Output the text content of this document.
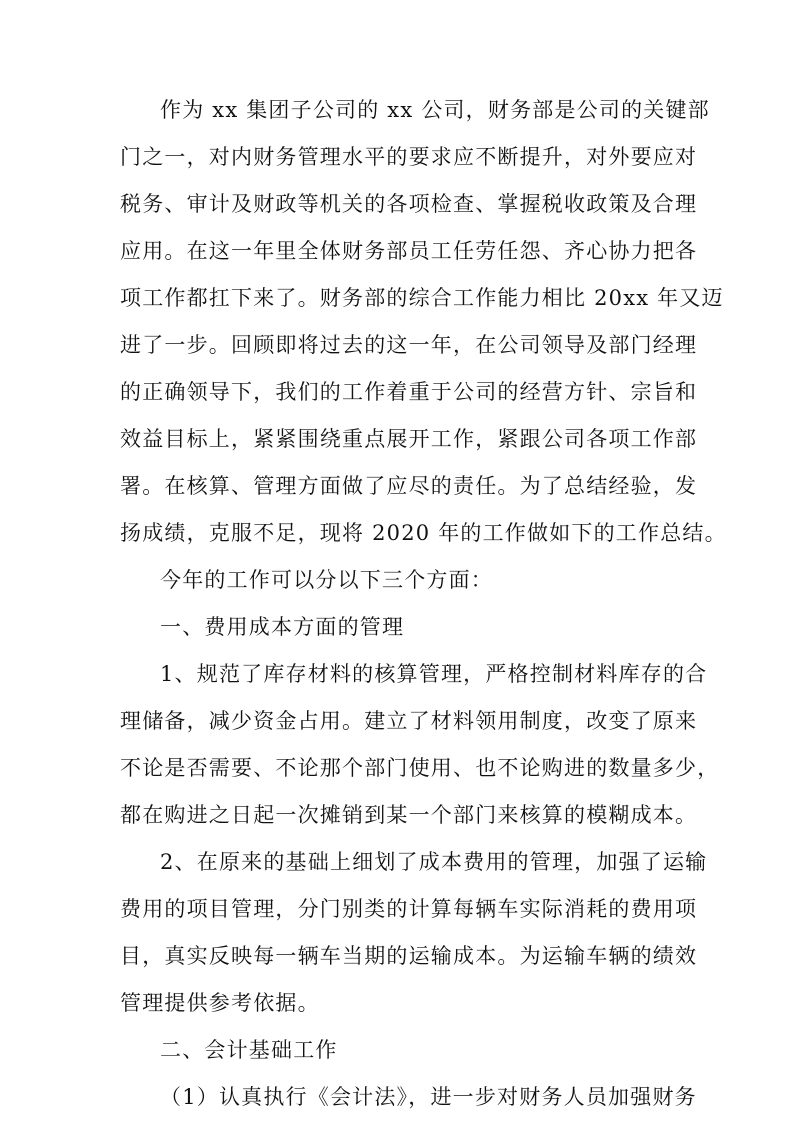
作为 xx 集团子公司的 xx 公司，财务部是公司的关键部
门之一，对内财务管理水平的要求应不断提升，对外要应对
税务、审计及财政等机关的各项检查、掌握税收政策及合理
应用。在这一年里全体财务部员工任劳任怨、齐心协力把各
项工作都扛下来了。财务部的综合工作能力相比 20xx 年又迈
进了一步。回顾即将过去的这一年，在公司领导及部门经理
的正确领导下，我们的工作着重于公司的经营方针、宗旨和
效益目标上，紧紧围绕重点展开工作，紧跟公司各项工作部
署。在核算、管理方面做了应尽的责任。为了总结经验，发
扬成绩，克服不足，现将 2020 年的工作做如下的工作总结。
今年的工作可以分以下三个方面：
一、费用成本方面的管理
1、规范了库存材料的核算管理，严格控制材料库存的合
理储备，减少资金占用。建立了材料领用制度，改变了原来
不论是否需要、不论那个部门使用、也不论购进的数量多少，
都在购进之日起一次摊销到某一个部门来核算的模糊成本。
2、在原来的基础上细划了成本费用的管理，加强了运输
费用的项目管理，分门别类的计算每辆车实际消耗的费用项
目，真实反映每一辆车当期的运输成本。为运输车辆的绩效
管理提供参考依据。
二、会计基础工作
（1）认真执行《会计法》，进一步对财务人员加强财务
